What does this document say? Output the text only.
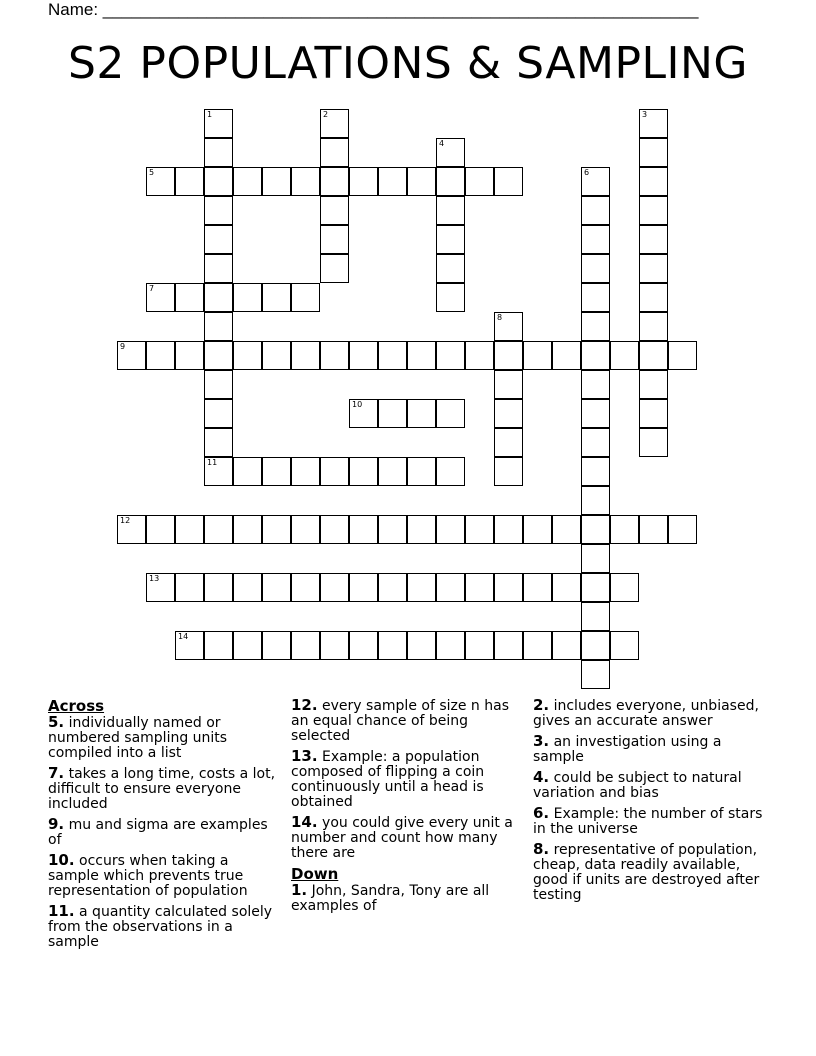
Name: _______________________________________________________________
S2 POPULATIONS & SAMPLING
1
11
2	3
4
5	6
7
8
9
10
12
13
14
Across
5. individually named or numbered sampling units compiled into a list
7. takes a long time, costs a lot, difficult to ensure everyone included
9. mu and sigma are examples of
10. occurs when taking a sample which prevents true representation of population
11. a quantity calculated solely from the observations in a sample
12. every sample of size n has an equal chance of being selected
13. Example: a population composed of flipping a coin continuously until a head is obtained
14. you could give every unit a number and count how many there are
Down
1. John, Sandra, Tony are all examples of
2. includes everyone, unbiased, gives an accurate answer
3. an investigation using a sample
4. could be subject to natural variation and bias
6. Example: the number of stars in the universe
8. representative of population, cheap, data readily available, good if units are destroyed after testing
